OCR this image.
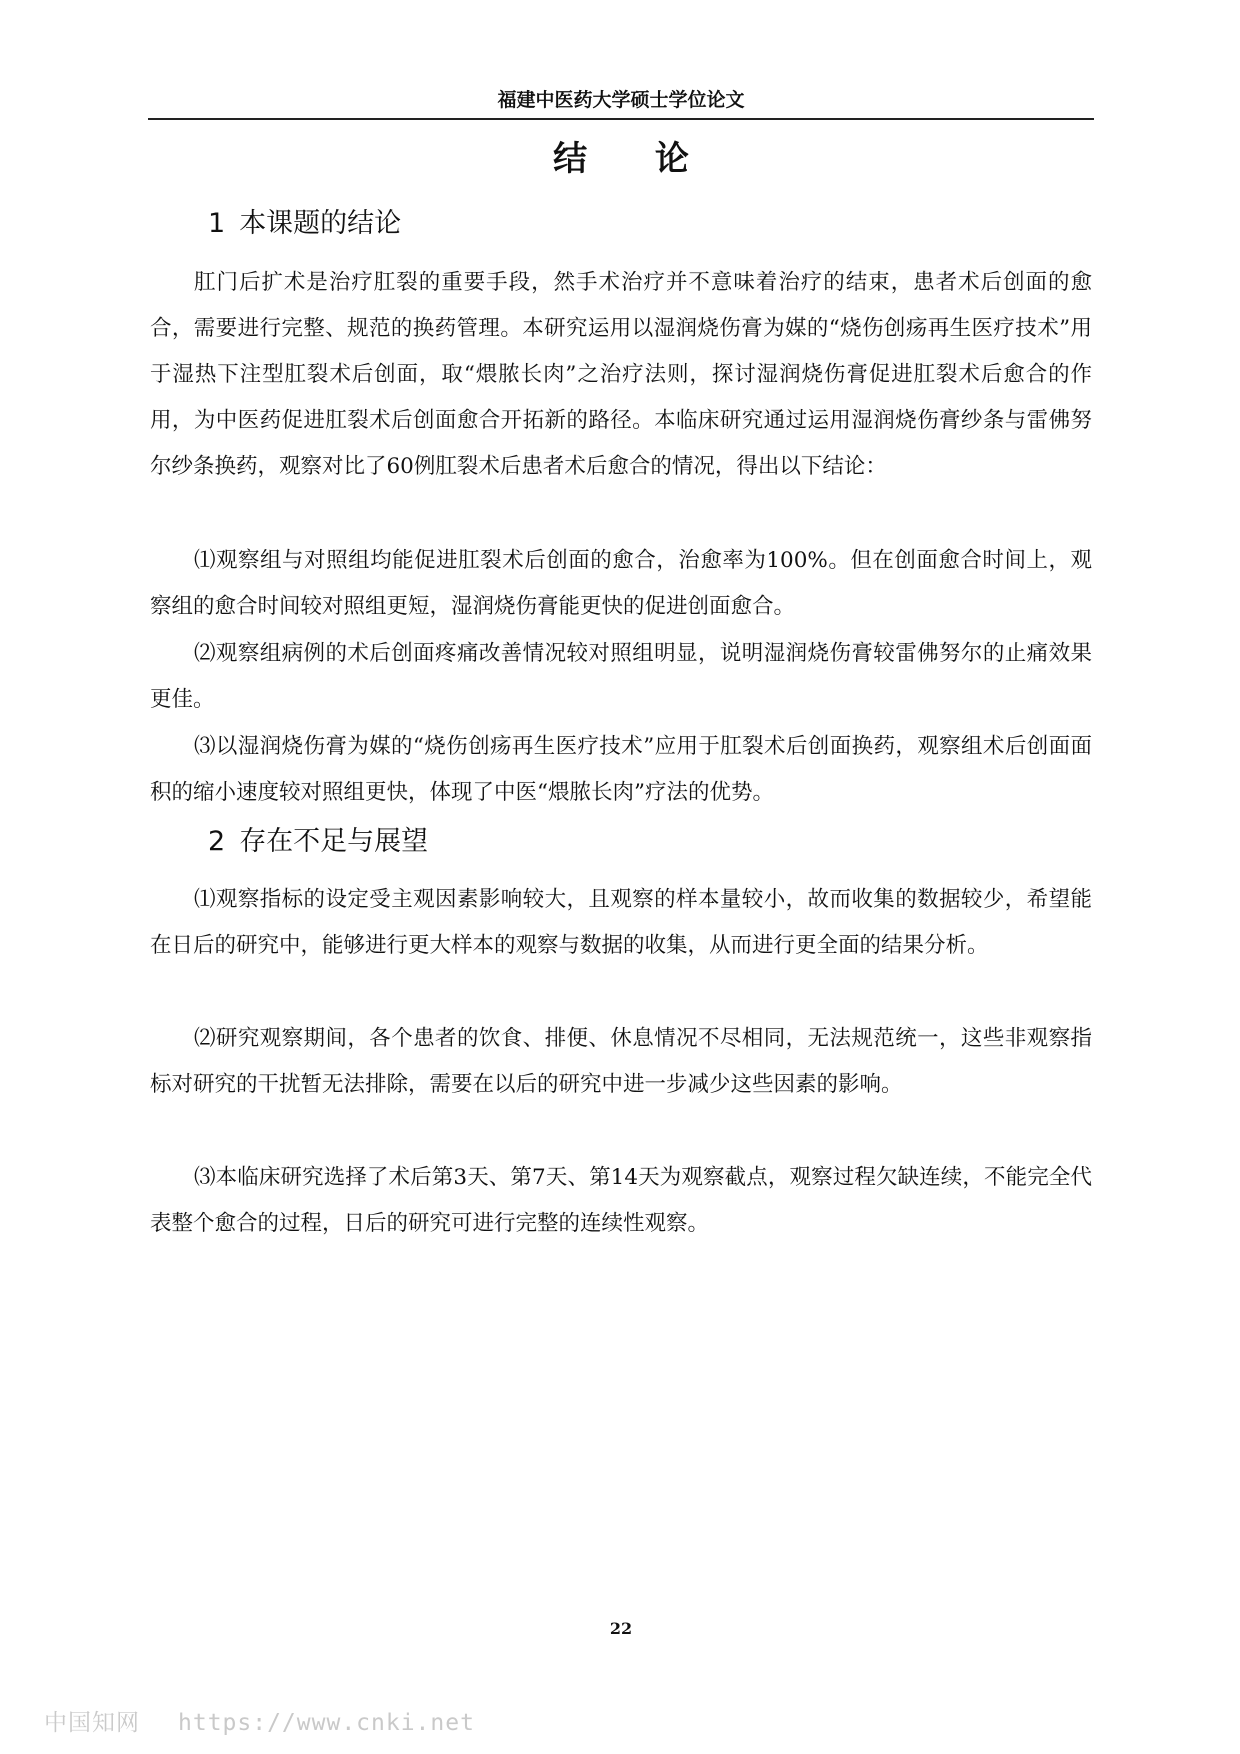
福建中医药大学硕士学位论文
结 论
1 本课题的结论

肛门后扩术是治疗肛裂的重要手段，然手术治疗并不意味着治疗的结束，患者术后创面的愈合，需要进行完整、规范的换药管理。本研究运用以湿润烧伤膏为媒的“烧伤创疡再生医疗技术”用于湿热下注型肛裂术后创面，取“煨脓长肉”之治疗法则，探讨湿润烧伤膏促进肛裂术后愈合的作用，为中医药促进肛裂术后创面愈合开拓新的路径。本临床研究通过运用湿润烧伤膏纱条与雷佛努尔纱条换药，观察对比了60例肛裂术后患者术后愈合的情况，得出以下结论：

⑴观察组与对照组均能促进肛裂术后创面的愈合，治愈率为100%。但在创面愈合时间上，观察组的愈合时间较对照组更短，湿润烧伤膏能更快的促进创面愈合。

⑵观察组病例的术后创面疼痛改善情况较对照组明显，说明湿润烧伤膏较雷佛努尔的止痛效果更佳。

⑶以湿润烧伤膏为媒的“烧伤创疡再生医疗技术”应用于肛裂术后创面换药，观察组术后创面面积的缩小速度较对照组更快，体现了中医“煨脓长肉”疗法的优势。

2 存在不足与展望

⑴观察指标的设定受主观因素影响较大，且观察的样本量较小，故而收集的数据较少，希望能在日后的研究中，能够进行更大样本的观察与数据的收集，从而进行更全面的结果分析。

⑵研究观察期间，各个患者的饮食、排便、休息情况不尽相同，无法规范统一，这些非观察指标对研究的干扰暂无法排除，需要在以后的研究中进一步减少这些因素的影响。

⑶本临床研究选择了术后第3天、第7天、第14天为观察截点，观察过程欠缺连续，不能完全代表整个愈合的过程，日后的研究可进行完整的连续性观察。

22
中国知网 https://www.cnki.net
